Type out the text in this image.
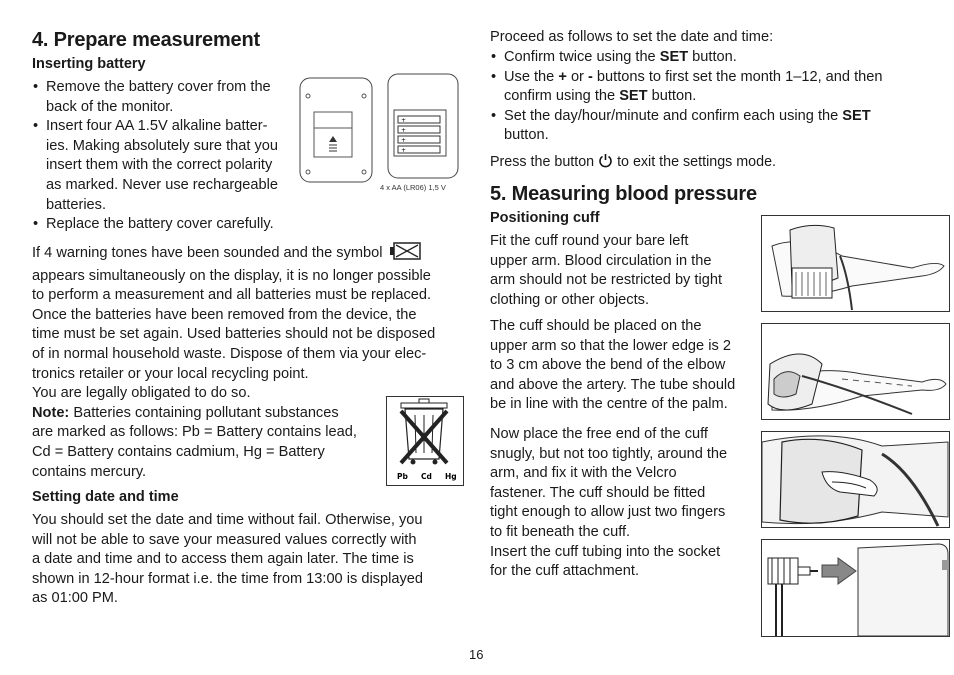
4. Prepare measurement
Inserting battery
• Remove the battery cover from the
back of the monitor.
• Insert four AA 1.5V alkaline batter-
ies. Making absolutely sure that you
insert them with the correct polarity
as marked. Never use rechargeable
batteries.
• Replace the battery cover carefully.
+
+
+
+
4 x AA (LR06) 1,5 V
If 4 warning tones have been sounded and the symbol
appears simultaneously on the display, it is no longer possible
to perform a measurement and all batteries must be replaced.
Once the batteries have been removed from the device, the
time must be set again. Used batteries should not be disposed
of in normal household waste. Dispose of them via your elec-
tronics retailer or your local recycling point.
You are legally obligated to do so.
Note: Batteries containing pollutant substances
are marked as follows: Pb = Battery contains lead,
Cd = Battery contains cadmium, Hg = Battery
contains mercury.	Pb Cd Hg
Setting date and time
You should set the date and time without fail. Otherwise, you
will not be able to save your measured values correctly with
a date and time and to access them again later. The time is
shown in 12-hour format i.e. the time from 13:00 is displayed
as 01:00 PM.
Proceed as follows to set the date and time:
• Confirm twice using the SET button.
• Use the + or - buttons to first set the month 1–12, and then
confirm using the SET button.
• Set the day/hour/minute and confirm each using the SET
button.
Press the button  to exit the settings mode.
5. Measuring blood pressure
Positioning cuff
Fit the cuff round your bare left
upper arm. Blood circulation in the
arm should not be restricted by tight
clothing or other objects.
The cuff should be placed on the
upper arm so that the lower edge is 2
to 3 cm above the bend of the elbow
and above the artery. The tube should
be in line with the centre of the palm.
Now place the free end of the cuff
snugly, but not too tightly, around the
arm, and fix it with the Velcro
fastener. The cuff should be fitted
tight enough to allow just two fingers
to fit beneath the cuff.
Insert the cuff tubing into the socket
for the cuff attachment.
16
